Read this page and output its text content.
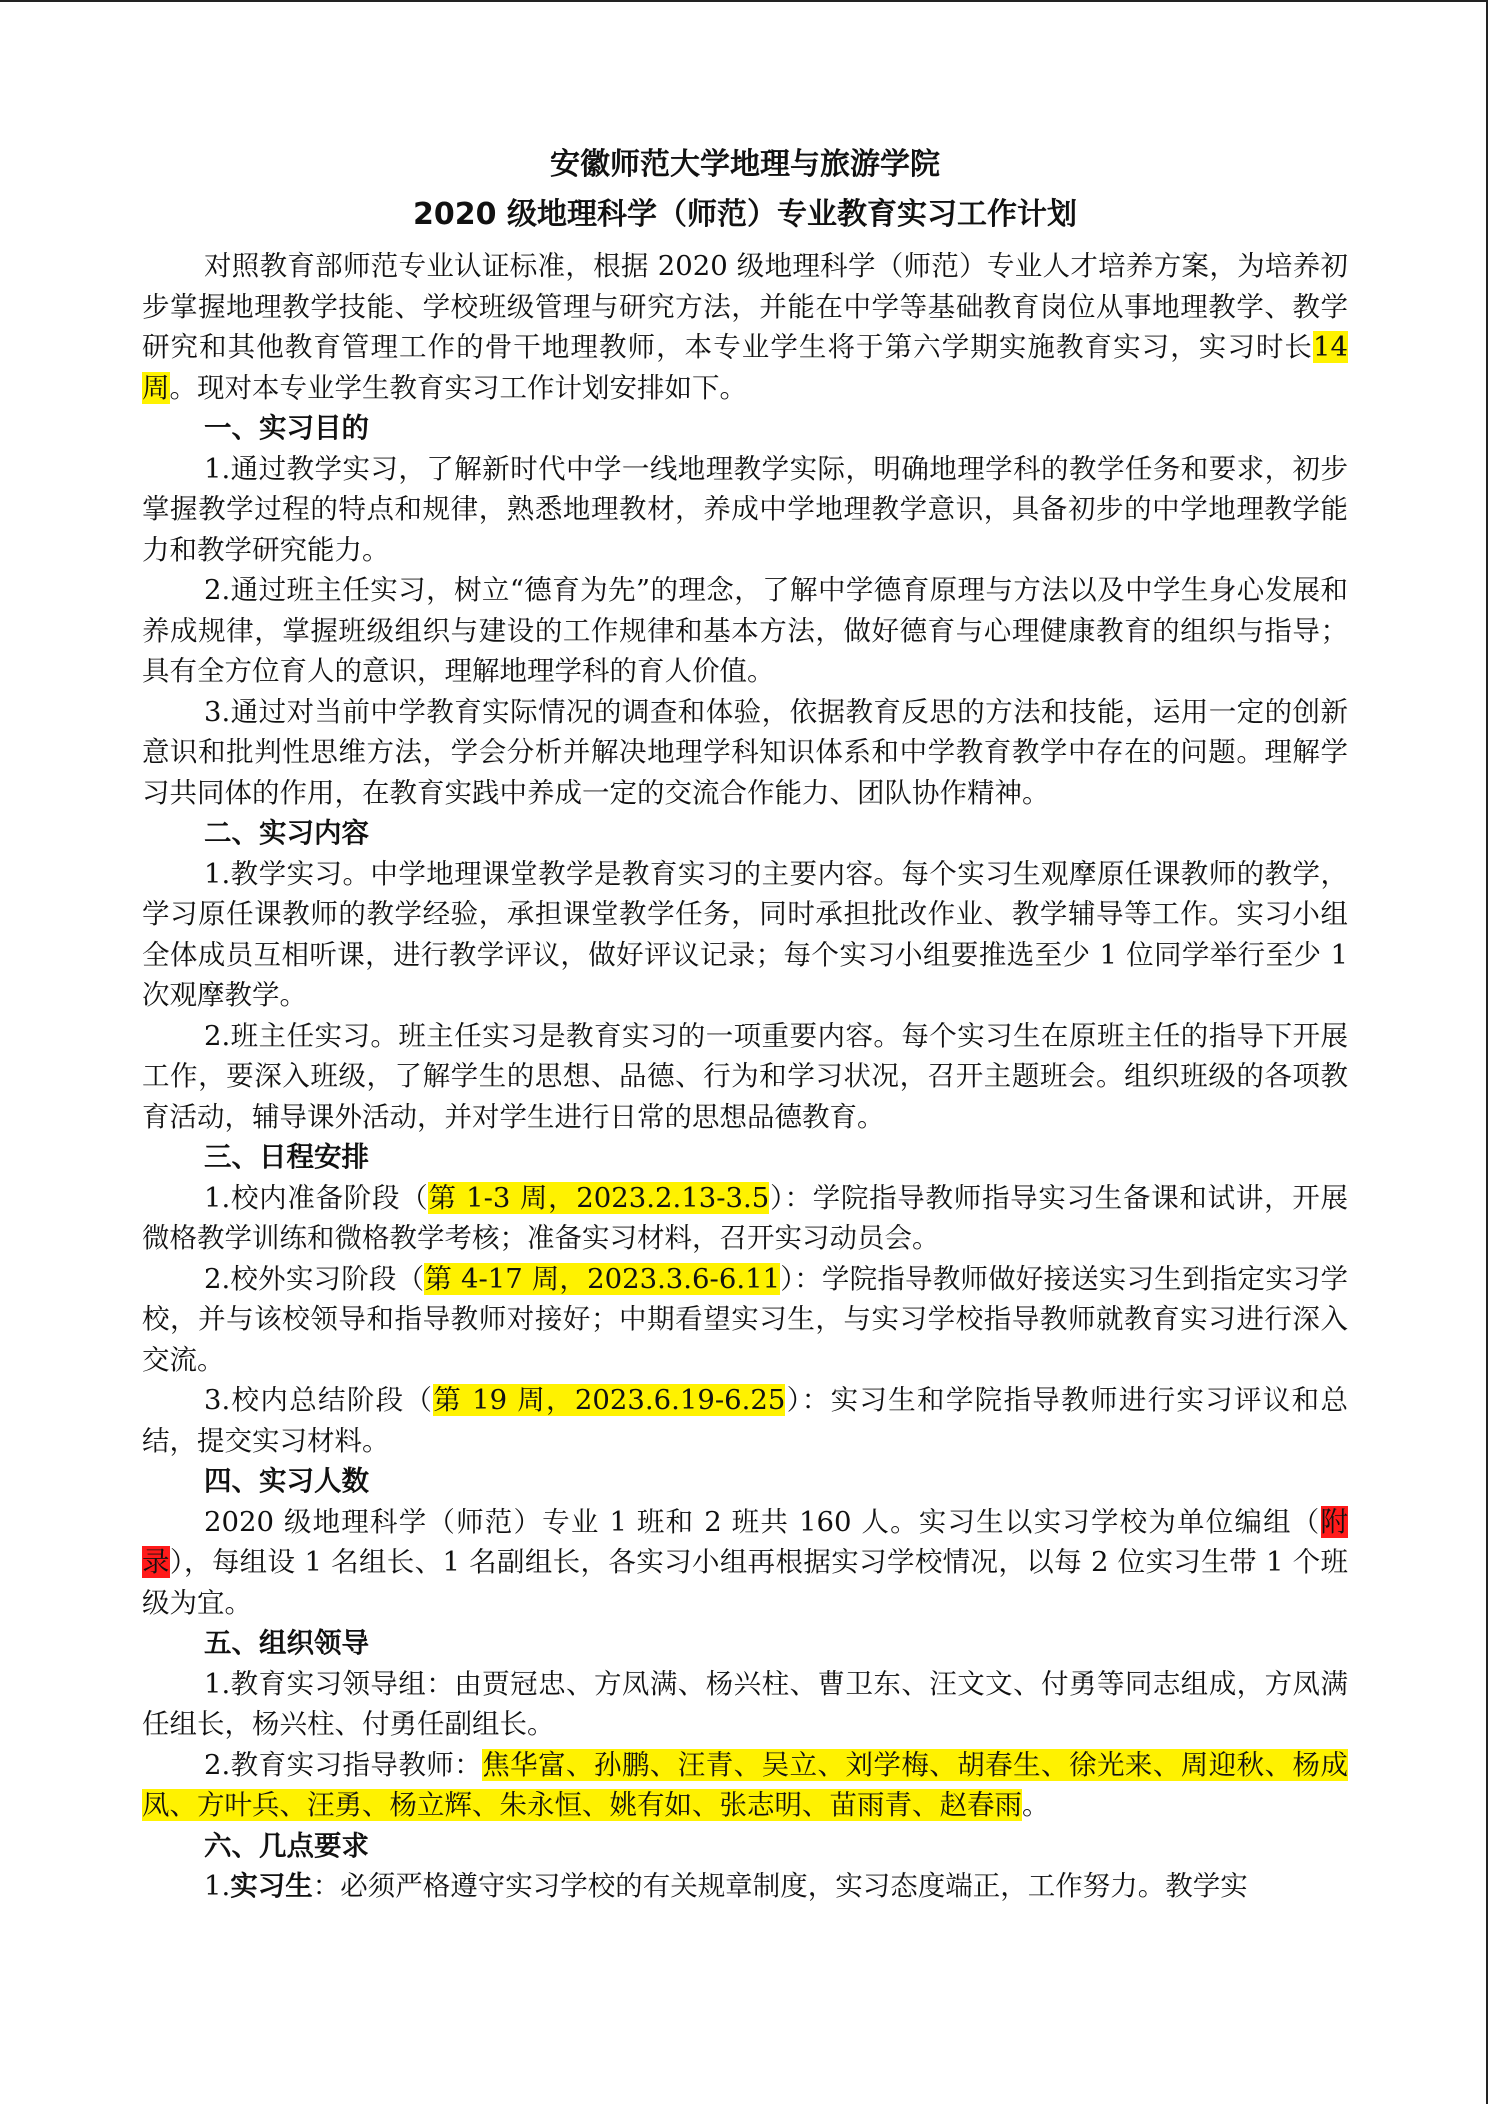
安徽师范大学地理与旅游学院
2020 级地理科学（师范）专业教育实习工作计划

对照教育部师范专业认证标准，根据 2020 级地理科学（师范）专业人才培养方案，为培养初步掌握地理教学技能、学校班级管理与研究方法，并能在中学等基础教育岗位从事地理教学、教学研究和其他教育管理工作的骨干地理教师，本专业学生将于第六学期实施教育实习，实习时长14 周。现对本专业学生教育实习工作计划安排如下。

一、实习目的

1.通过教学实习，了解新时代中学一线地理教学实际，明确地理学科的教学任务和要求，初步掌握教学过程的特点和规律，熟悉地理教材，养成中学地理教学意识，具备初步的中学地理教学能力和教学研究能力。

2.通过班主任实习，树立“德育为先”的理念，了解中学德育原理与方法以及中学生身心发展和养成规律，掌握班级组织与建设的工作规律和基本方法，做好德育与心理健康教育的组织与指导；具有全方位育人的意识，理解地理学科的育人价值。

3.通过对当前中学教育实际情况的调查和体验，依据教育反思的方法和技能，运用一定的创新意识和批判性思维方法，学会分析并解决地理学科知识体系和中学教育教学中存在的问题。理解学习共同体的作用，在教育实践中养成一定的交流合作能力、团队协作精神。

二、实习内容

1.教学实习。中学地理课堂教学是教育实习的主要内容。每个实习生观摩原任课教师的教学，学习原任课教师的教学经验，承担课堂教学任务，同时承担批改作业、教学辅导等工作。实习小组全体成员互相听课，进行教学评议，做好评议记录；每个实习小组要推选至少 1 位同学举行至少 1 次观摩教学。

2.班主任实习。班主任实习是教育实习的一项重要内容。每个实习生在原班主任的指导下开展工作，要深入班级，了解学生的思想、品德、行为和学习状况，召开主题班会。组织班级的各项教育活动，辅导课外活动，并对学生进行日常的思想品德教育。

三、日程安排

1.校内准备阶段（第 1-3 周，2023.2.13-3.5）：学院指导教师指导实习生备课和试讲，开展微格教学训练和微格教学考核；准备实习材料，召开实习动员会。

2.校外实习阶段（第 4-17 周，2023.3.6-6.11）：学院指导教师做好接送实习生到指定实习学校，并与该校领导和指导教师对接好；中期看望实习生，与实习学校指导教师就教育实习进行深入交流。

3.校内总结阶段（第 19 周，2023.6.19-6.25）：实习生和学院指导教师进行实习评议和总结，提交实习材料。

四、实习人数

2020 级地理科学（师范）专业 1 班和 2 班共 160 人。实习生以实习学校为单位编组（附录），每组设 1 名组长、1 名副组长，各实习小组再根据实习学校情况，以每 2 位实习生带 1 个班级为宜。

五、组织领导

1.教育实习领导组：由贾冠忠、方凤满、杨兴柱、曹卫东、汪文文、付勇等同志组成，方凤满任组长，杨兴柱、付勇任副组长。

2.教育实习指导教师：焦华富、孙鹏、汪青、吴立、刘学梅、胡春生、徐光来、周迎秋、杨成凤、方叶兵、汪勇、杨立辉、朱永恒、姚有如、张志明、苗雨青、赵春雨。

六、几点要求

1.实习生：必须严格遵守实习学校的有关规章制度，实习态度端正，工作努力。教学实
